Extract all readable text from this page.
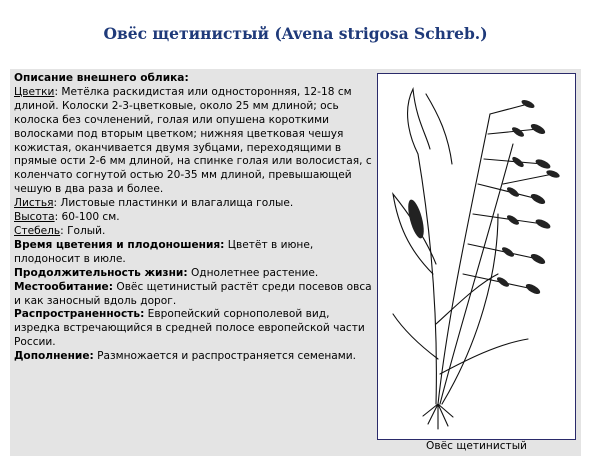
Овёс щетинистый (Avena strigosa Schreb.)

Описание внешнего облика:
Цветки: Метёлка раскидистая или односторонняя, 12-18 см длиной. Колоски 2-3-цветковые, около 25 мм длиной; ось колоска без сочленений, голая или опушена короткими волосками под вторым цветком; нижняя цветковая чешуя кожистая, оканчивается двумя зубцами, переходящими в прямые ости 2-6 мм длиной, на спинке голая или волосистая, с коленчато согнутой остью 20-35 мм длиной, превышающей чешую в два раза и более.
Листья: Листовые пластинки и влагалища голые.
Высота: 60-100 см.
Стебель: Голый.

Время цветения и плодоношения: Цветёт в июне, плодоносит в июле.

Продолжительность жизни: Однолетнее растение.

Местообитание: Овёс щетинистый растёт среди посевов овса и как заносный вдоль дорог.

Распространенность: Европейский сорнополевой вид, изредка встречающийся в средней полосе европейской части России.

Дополнение: Размножается и распространяется семенами.

Овёс щетинистый
